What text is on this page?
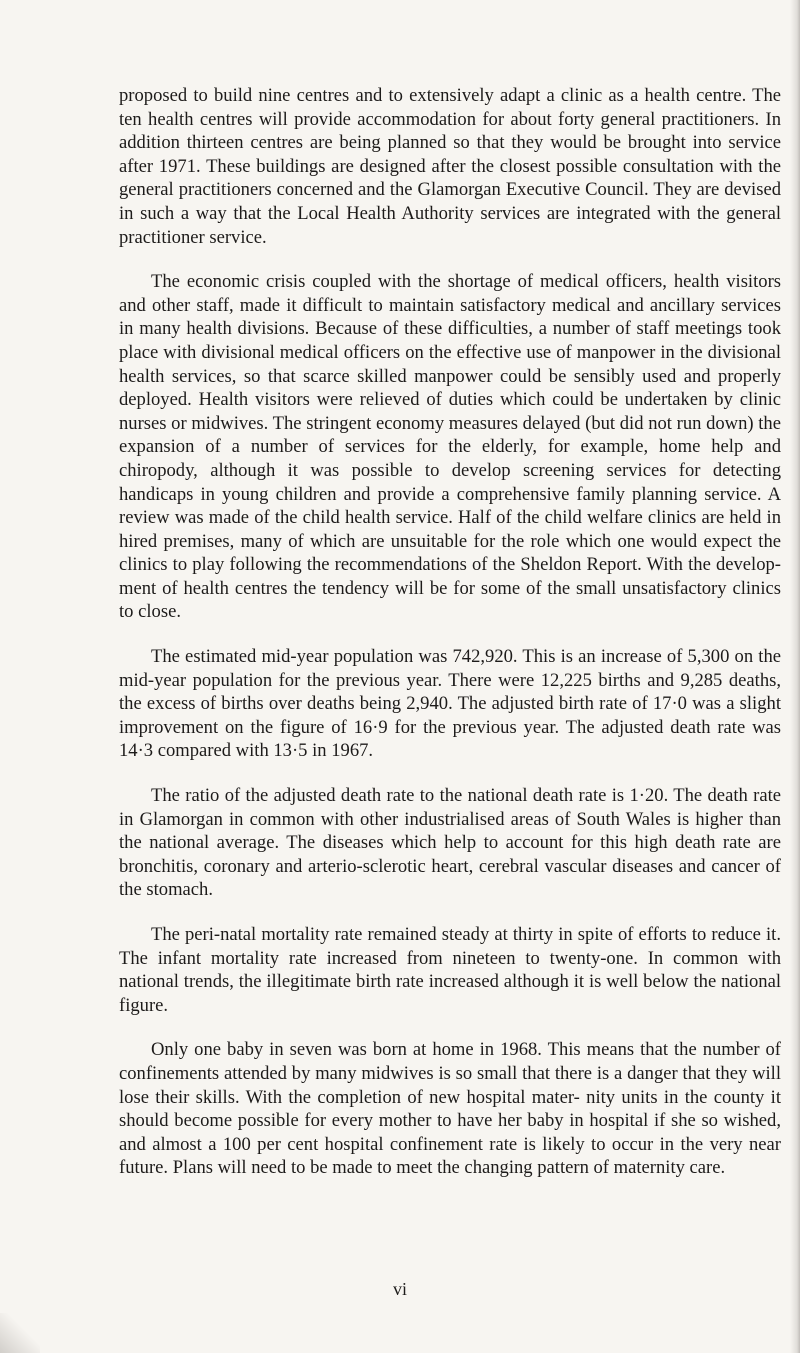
proposed to build nine centres and to extensively adapt a clinic as a health centre. The ten health centres will provide accommodation for about forty general practitioners. In addition thirteen centres are being planned so that they would be brought into service after 1971. These buildings are designed after the closest possible consultation with the general practitioners concerned and the Glamorgan Executive Council. They are devised in such a way that the Local Health Authority services are integrated with the general practitioner service.

The economic crisis coupled with the shortage of medical officers, health visitors and other staff, made it difficult to maintain satisfactory medical and ancillary services in many health divisions. Because of these difficulties, a number of staff meetings took place with divisional medical officers on the effective use of manpower in the divisional health services, so that scarce skilled manpower could be sensibly used and properly deployed. Health visitors were relieved of duties which could be undertaken by clinic nurses or midwives. The stringent economy measures delayed (but did not run down) the expansion of a number of services for the elderly, for example, home help and chiropody, although it was possible to develop screening services for detecting handicaps in young children and provide a comprehensive family planning service. A review was made of the child health service. Half of the child welfare clinics are held in hired premises, many of which are unsuitable for the role which one would expect the clinics to play following the recommendations of the Sheldon Report. With the develop- ment of health centres the tendency will be for some of the small unsatisfactory clinics to close.

The estimated mid-year population was 742,920. This is an increase of 5,300 on the mid-year population for the previous year. There were 12,225 births and 9,285 deaths, the excess of births over deaths being 2,940. The adjusted birth rate of 17·0 was a slight improvement on the figure of 16·9 for the previous year. The adjusted death rate was 14·3 compared with 13·5 in 1967.

The ratio of the adjusted death rate to the national death rate is 1·20. The death rate in Glamorgan in common with other industrialised areas of South Wales is higher than the national average. The diseases which help to account for this high death rate are bronchitis, coronary and arterio-sclerotic heart, cerebral vascular diseases and cancer of the stomach.

The peri-natal mortality rate remained steady at thirty in spite of efforts to reduce it. The infant mortality rate increased from nineteen to twenty-one. In common with national trends, the illegitimate birth rate increased although it is well below the national figure.

Only one baby in seven was born at home in 1968. This means that the number of confinements attended by many midwives is so small that there is a danger that they will lose their skills. With the completion of new hospital mater- nity units in the county it should become possible for every mother to have her baby in hospital if she so wished, and almost a 100 per cent hospital confinement rate is likely to occur in the very near future. Plans will need to be made to meet the changing pattern of maternity care.

vi
